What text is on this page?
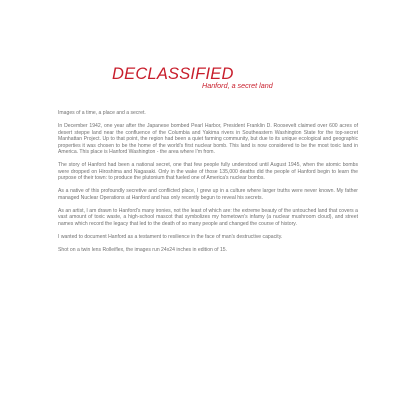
DECLASSIFIED
Hanford, a secret land

Images of a time, a place and a secret.

In December 1942, one year after the Japanese bombed Pearl Harbor, President Franklin D. Roosevelt claimed over 600 acres of desert steppe land near the confluence of the Columbia and Yakima rivers in Southeastern Washington State for the top-secret Manhattan Project. Up to that point, the region had been a quiet farming community, but due to its unique ecological and geographic properties it was chosen to be the home of the world's first nuclear bomb. This land is now considered to be the most toxic land in America. This place is Hanford Washington - the area where I'm from.

The story of Hanford had been a national secret, one that few people fully understood until August 1945, when the atomic bombs were dropped on Hiroshima and Nagasaki. Only in the wake of those 135,000 deaths did the people of Hanford begin to learn the purpose of their town: to produce the plutonium that fueled one of America's nuclear bombs.

As a native of this profoundly secretive and conflicted place, I grew up in a culture where larger truths were never known. My father managed Nuclear Operations at Hanford and has only recently begun to reveal his secrets.

As an artist, I am drawn to Hanford's many ironies, not the least of which are: the extreme beauty of the untouched land that covers a vast amount of toxic waste, a high-school mascot that symbolizes my hometown's infamy (a nuclear mushroom cloud), and street names which record the legacy that led to the death of so many people and changed the course of history.

I wanted to document Hanford as a testament to resilience in the face of man's destructive capacity.

Shot on a twin lens Rolleiflex, the images run 24x24 inches in edition of 15.
